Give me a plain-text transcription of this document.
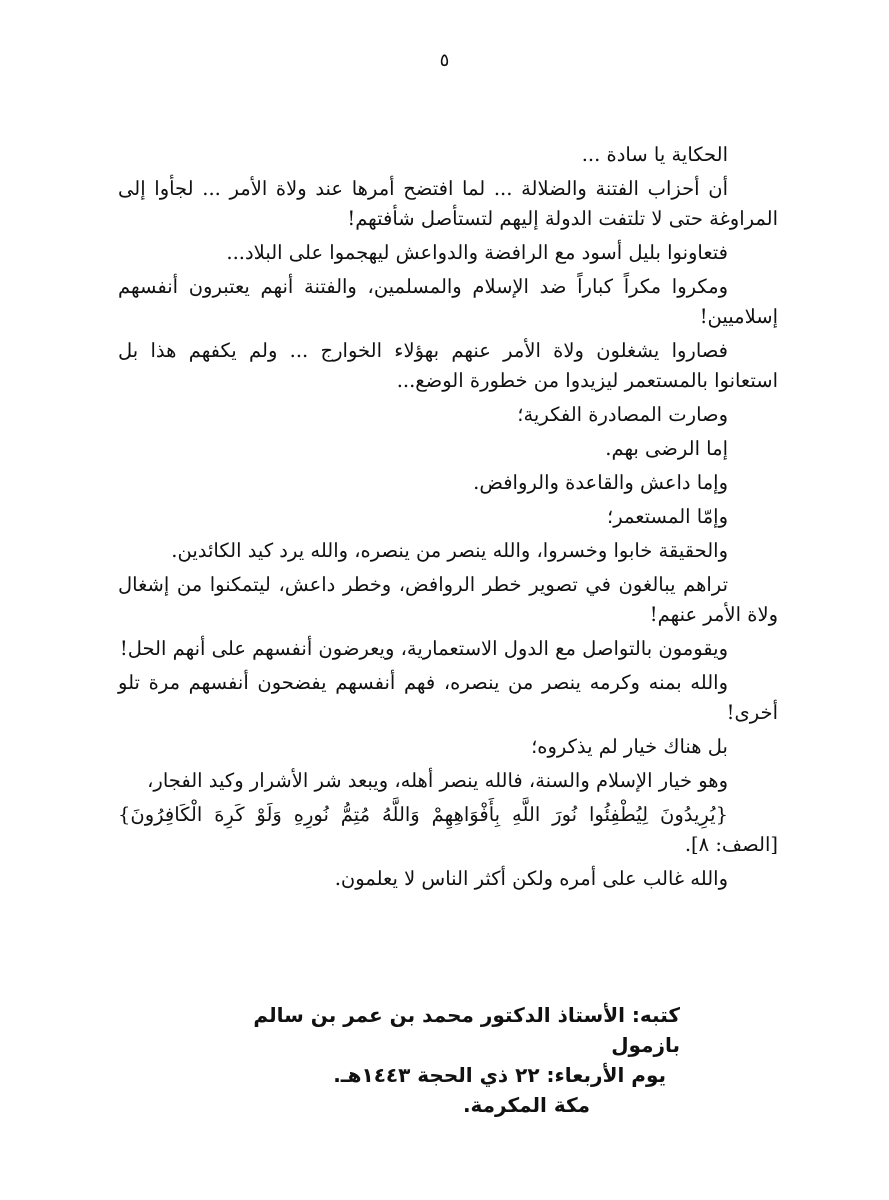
٥

الحكاية يا سادة ...

أن أحزاب الفتنة والضلالة ... لما افتضح أمرها عند ولاة الأمر ... لجأوا إلى المراوغة حتى لا تلتفت الدولة إليهم لتستأصل شأفتهم!

فتعاونوا بليل أسود مع الرافضة والدواعش ليهجموا على البلاد...

ومكروا مكراً كباراً ضد الإسلام والمسلمين، والفتنة أنهم يعتبرون أنفسهم إسلاميين!

فصاروا يشغلون ولاة الأمر عنهم بهؤلاء الخوارج ... ولم يكفهم هذا بل استعانوا بالمستعمر ليزيدوا من خطورة الوضع...

وصارت المصادرة الفكرية؛

إما الرضى بهم.

وإما داعش والقاعدة والروافض.

وإمّا المستعمر؛

والحقيقة خابوا وخسروا، والله ينصر من ينصره، والله يرد كيد الكائدين.

تراهم يبالغون في تصوير خطر الروافض، وخطر داعش، ليتمكنوا من إشغال ولاة الأمر عنهم!

ويقومون بالتواصل مع الدول الاستعمارية، ويعرضون أنفسهم على أنهم الحل!

والله بمنه وكرمه ينصر من ينصره، فهم أنفسهم يفضحون أنفسهم مرة تلو أخرى!

بل هناك خيار لم يذكروه؛

وهو خيار الإسلام والسنة، فالله ينصر أهله، ويبعد شر الأشرار وكيد الفجار،

{يُرِيدُونَ لِيُطْفِئُوا نُورَ اللَّهِ بِأَفْوَاهِهِمْ وَاللَّهُ مُتِمُّ نُورِهِ وَلَوْ كَرِهَ الْكَافِرُونَ} [الصف: ٨].

والله غالب على أمره ولكن أكثر الناس لا يعلمون.

كتبه: الأستاذ الدكتور محمد بن عمر بن سالم بازمول
يوم الأربعاء: ٢٢ ذي الحجة ١٤٤٣هـ.
مكة المكرمة.
